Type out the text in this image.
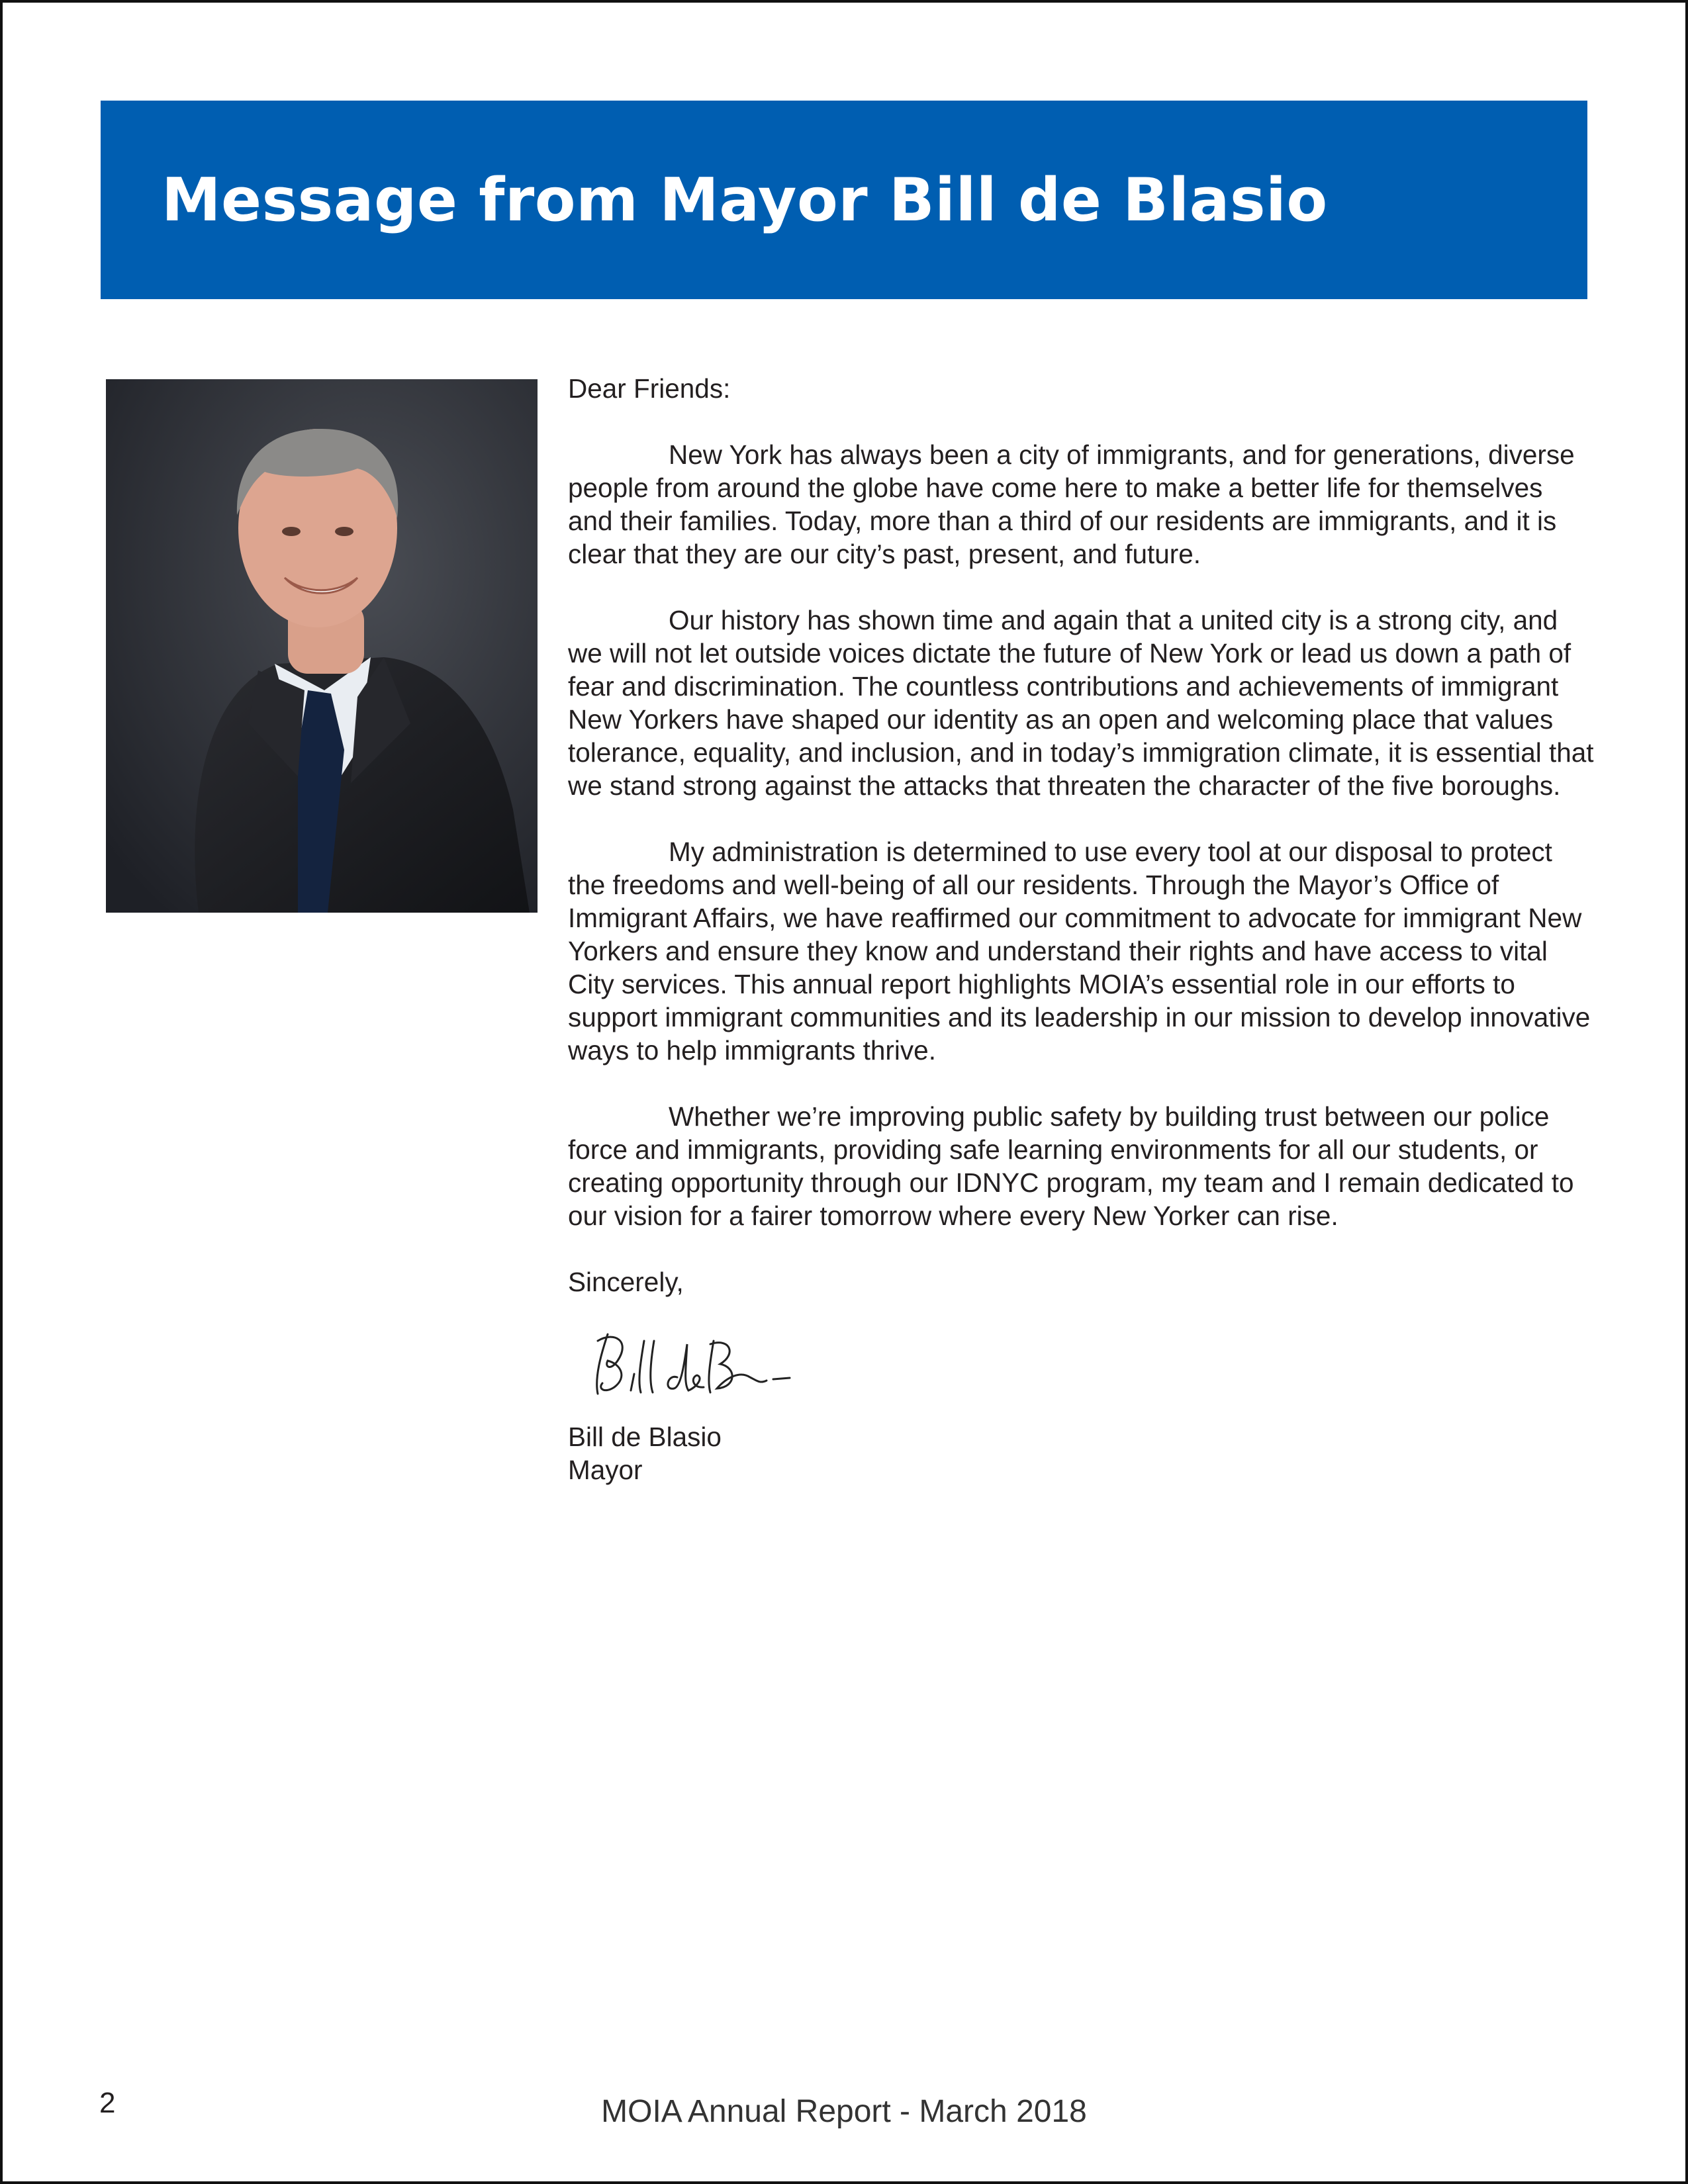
Message from Mayor Bill de Blasio

Dear Friends:

New York has always been a city of immigrants, and for generations, diverse people from around the globe have come here to make a better life for themselves and their families. Today, more than a third of our residents are immigrants, and it is clear that they are our city’s past, present, and future.

Our history has shown time and again that a united city is a strong city, and we will not let outside voices dictate the future of New York or lead us down a path of fear and discrimination. The countless contributions and achievements of immigrant New Yorkers have shaped our identity as an open and welcoming place that values tolerance, equality, and inclusion, and in today’s immigration climate, it is essential that we stand strong against the attacks that threaten the character of the five boroughs.

My administration is determined to use every tool at our disposal to protect the freedoms and well-being of all our residents. Through the Mayor’s Office of Immigrant Affairs, we have reaffirmed our commitment to advocate for immigrant New Yorkers and ensure they know and understand their rights and have access to vital City services. This annual report highlights MOIA’s essential role in our efforts to support immigrant communities and its leadership in our mission to develop innovative ways to help immigrants thrive.

Whether we’re improving public safety by building trust between our police force and immigrants, providing safe learning environments for all our students, or creating opportunity through our IDNYC program, my team and I remain dedicated to our vision for a fairer tomorrow where every New Yorker can rise.

Sincerely,

Bill de Blasio

Mayor

2	MOIA Annual Report - March 2018
